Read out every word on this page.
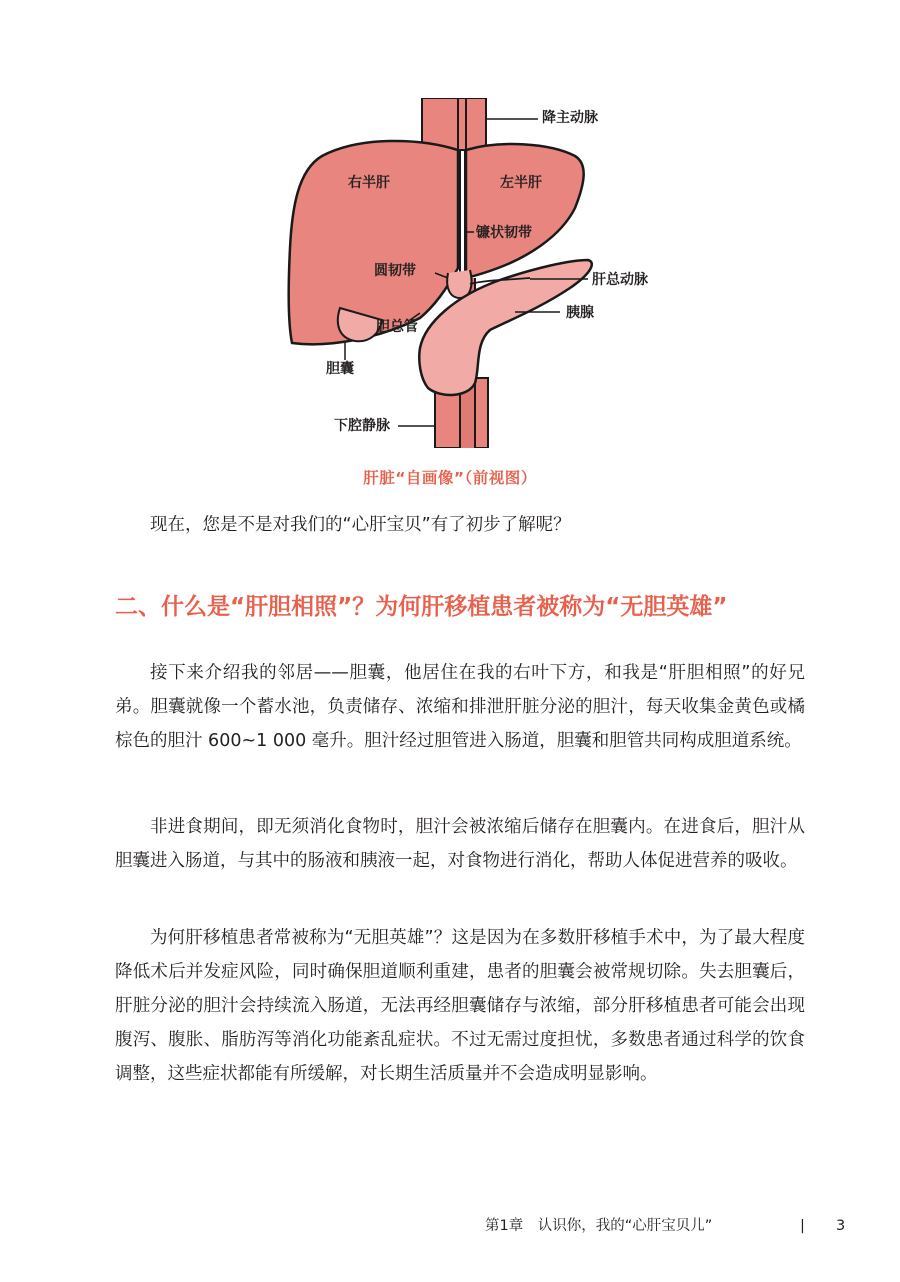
降主动脉
右半肝	左半肝
镰状韧带
圆韧带
肝总动脉
胰腺
胆总管
胆囊
下腔静脉
肝脏“自画像”（前视图）

现在，您是不是对我们的“心肝宝贝”有了初步了解呢？

二、什么是“肝胆相照”？为何肝移植患者被称为“无胆英雄”

接下来介绍我的邻居——胆囊，他居住在我的右叶下方，和我是“肝胆相照”的好兄弟。胆囊就像一个蓄水池，负责储存、浓缩和排泄肝脏分泌的胆汁，每天收集金黄色或橘棕色的胆汁 600~1 000 毫升。胆汁经过胆管进入肠道，胆囊和胆管共同构成胆道系统。

非进食期间，即无须消化食物时，胆汁会被浓缩后储存在胆囊内。在进食后，胆汁从胆囊进入肠道，与其中的肠液和胰液一起，对食物进行消化，帮助人体促进营养的吸收。

为何肝移植患者常被称为“无胆英雄”？这是因为在多数肝移植手术中，为了最大程度降低术后并发症风险，同时确保胆道顺利重建，患者的胆囊会被常规切除。失去胆囊后，肝脏分泌的胆汁会持续流入肠道，无法再经胆囊储存与浓缩，部分肝移植患者可能会出现腹泻、腹胀、脂肪泻等消化功能紊乱症状。不过无需过度担忧，多数患者通过科学的饮食调整，这些症状都能有所缓解，对长期生活质量并不会造成明显影响。

第1章　认识你，我的“心肝宝贝儿”	| 3
